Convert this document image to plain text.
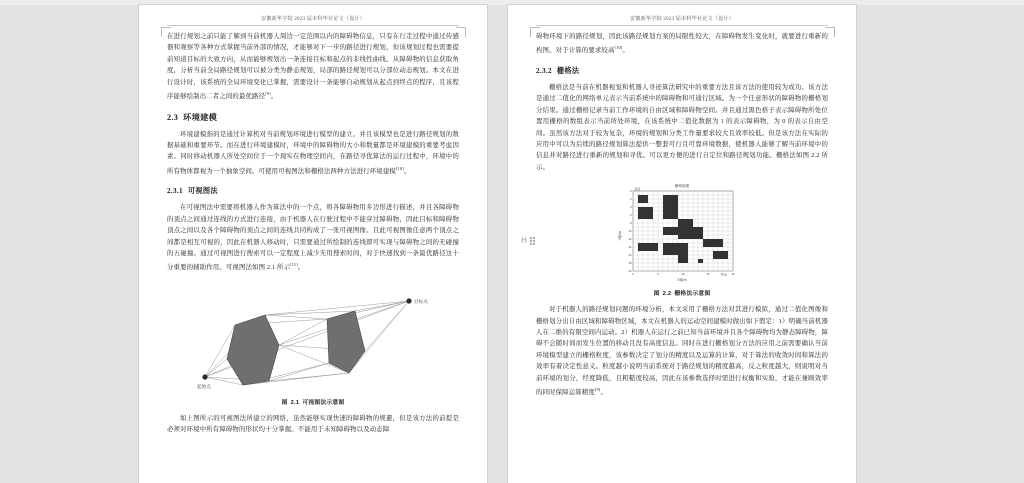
安徽新华学院 2023 届本科毕业论文（设计）

在进行规划之前只能了解到当前机器人周边一定范围以内的障碍物信息，只有在行走过程中通过传感器和观察等各种方式掌握当前外部的情况，才能够对下一步的路径进行规划，但该规划过程也需要提前知道目标的大致方向，从而能够规划出一条连接目标和起点的非线性曲线。从障碍物的信息获取角度，分析当前全局路径规划可以被分类为静态规划，局部的路径规划可以分部位动态规划。本文在进行设计时，该系统的全局环境变化已掌握，需要设计一条能够自动规划从起点到终点的程序，且该程序能够绘制出二者之间的最优路径[9]。

2.3 环境建模

环境建模指的是通过计算机对当前规划环境进行模型的建立。并且该模型也是进行路径规划的数据基础和重要环节。而在进行环境建模时，环境中的障碍物的大小和数量都是环境建模的重要考虑因素。同时移动机器人所处空间位于一个现实在物理空间内，在路径寻优算法的运行过程中，环境中的所有物体都视为一个抽象空间。可使用可视图法和栅格法两种方法进行环境建模[10]。

2.3.1 可视图法

在可视图法中需要将机器人作为算法中的一个点，将各障碍物用多边形进行描述，并且各障碍物的顶点之间通过连线的方式进行连接，由于机器人在行驶过程中不能穿过障碍物，因此目标和障碍物顶点之间以及各个障碍物的顶点之间的连线共同构成了一张可视图像。且此可视图像任意两个顶点之间都是相互可视的，因此在机器人移动时，只需要通过所绘制的连线即可实现与障碍物之间的无碰撞的五碰撞。通过可视图进行搜索可以一定程度上减少无用搜索时间，对于快速找到一条最优路径这十分重要的辅助作用。可视图法如图 2.1 所示[11]。

起始点
目标点
图 2.1 可视图法示意图

如上图所示的可视图法所建立的网络，虽然能够实现快速的障碍物的规避，但是该方法的前提是必须对环境中所有障碍物的形状均十分掌握。不能用于未知障碍物以及动态障

安徽新华学院 2023 届本科毕业论文（设计）

碍物环境下的路径规划，因此该路径规划方案的局限性较大，在障碍物发生变化时，就要进行重新的构图。对于计算的要求较高[10]。

2.3.2 栅格法

栅格法是当前在机器视觉和机器人寻迹算法研究中的重要方法且该方法的使用较为成功。该方法是通过二值化的网络单元表示当前系统中的障碍物和可通行区域。为一个任意形状的障碍物的栅格划分结果。通过栅格记录当前工作环境的自由区域和障碍物空间。并且通过黑色格子表示障碍物所处位置用栅格的数组表示当前所处环境，在该系统中二值化数据为 1 的表示障碍物，为 0 的表示自由空间。虽然该方法对于较为复杂，环境的规划和分类工作量要求较大且效率较低。但是该方法在实际的应用中可以为后续的路径规划算法提供一整套可行且可靠环境数据，使机器人能够了解当前环境中的信息并对路径进行重新的规划和寻优。可以更方便的进行自定位和路径规划功能。栅格法如图 2.2 所示。

栅格地图
Y轴/m
X轴/m
0	5	10	15	20
0
2
4
6
8
10
12
14
16
18
20
起点
终点
图 2.2 栅格法示意图

对于机器人的路径规划问题的环境分析，本文采用了栅格方法对其进行模拟，通过二值化图像和栅格划分出自由区域和障碍物区域，本文在机器人的运动空间建模时做出如下假定：1）明确当前机器人在二维的有限空间内运动。2）机器人在运行之前已知当前环境并且各个障碍物均为静态障碍物，障碍不会随时间而发生位置的移动且没有高度信息。同时在进行栅格划分方法的应用之前需要确认当前环境模型建立的栅格粒度，该参数决定了划分的精度以及运算的计算，对于算法的收敛时间和算法的效率有着决定性意义。粒度越小说明当前系统对于路径规划的精度越高，反之粒度越大，则说明对当前环境的划分，经度降低，且粗糙度较高，因此在该参数选择时需进行权衡和实验，才能在兼顾效率的同时保障运算精度[9]。

H
